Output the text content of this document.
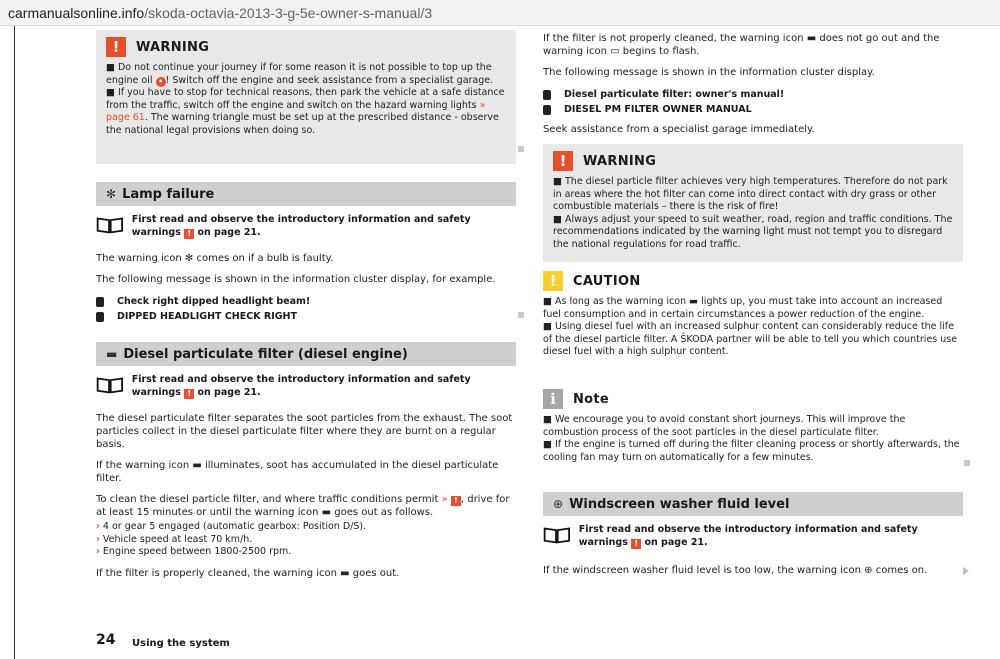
carmanualsonline.info/skoda-octavia-2013-3-g-5e-owner-s-manual/3
!	WARNING
■ Do not continue your journey if for some reason it is not possible to top up the engine oil • ! Switch off the engine and seek assistance from a specialist garage.
■ If you have to stop for technical reasons, then park the vehicle at a safe distance from the traffic, switch off the engine and switch on the hazard warning lights » page 61. The warning triangle must be set up at the prescribed distance - observe the national legal provisions when doing so.
✻ Lamp failure
First read and observe the introductory information and safety warnings ! on page 21.
The warning icon ✻ comes on if a bulb is faulty.
The following message is shown in the information cluster display, for example.
Check right dipped headlight beam!
DIPPED HEADLIGHT CHECK RIGHT
▬ Diesel particulate filter (diesel engine)
First read and observe the introductory information and safety warnings ! on page 21.
The diesel particulate filter separates the soot particles from the exhaust. The soot particles collect in the diesel particulate filter where they are burnt on a regular basis.
If the warning icon ▬ illuminates, soot has accumulated in the diesel particulate filter.
To clean the diesel particle filter, and where traffic conditions permit » ! , drive for at least 15 minutes or until the warning icon ▬ goes out as follows.
› 4 or gear 5 engaged (automatic gearbox: Position D/S).
› Vehicle speed at least 70 km/h.
› Engine speed between 1800-2500 rpm.
If the filter is properly cleaned, the warning icon ▬ goes out.
24 Using the system
If the filter is not properly cleaned, the warning icon ▬ does not go out and the warning icon ▭ begins to flash.
The following message is shown in the information cluster display.
Diesel particulate filter: owner's manual!
DIESEL PM FILTER OWNER MANUAL
Seek assistance from a specialist garage immediately.
!	WARNING
■ The diesel particle filter achieves very high temperatures. Therefore do not park in areas where the hot filter can come into direct contact with dry grass or other combustible materials – there is the risk of fire!
■ Always adjust your speed to suit weather, road, region and traffic conditions. The recommendations indicated by the warning light must not tempt you to disregard the national regulations for road traffic.
!	CAUTION
■ As long as the warning icon ▬ lights up, you must take into account an increased fuel consumption and in certain circumstances a power reduction of the engine.
■ Using diesel fuel with an increased sulphur content can considerably reduce the life of the diesel particle filter. A ŠKODA partner will be able to tell you which countries use diesel fuel with a high sulphur content.
i	Note
■ We encourage you to avoid constant short journeys. This will improve the combustion process of the soot particles in the diesel particulate filter.
■ If the engine is turned off during the filter cleaning process or shortly afterwards, the cooling fan may turn on automatically for a few minutes.
⊕ Windscreen washer fluid level
First read and observe the introductory information and safety warnings ! on page 21.
If the windscreen washer fluid level is too low, the warning icon ⊕ comes on.
